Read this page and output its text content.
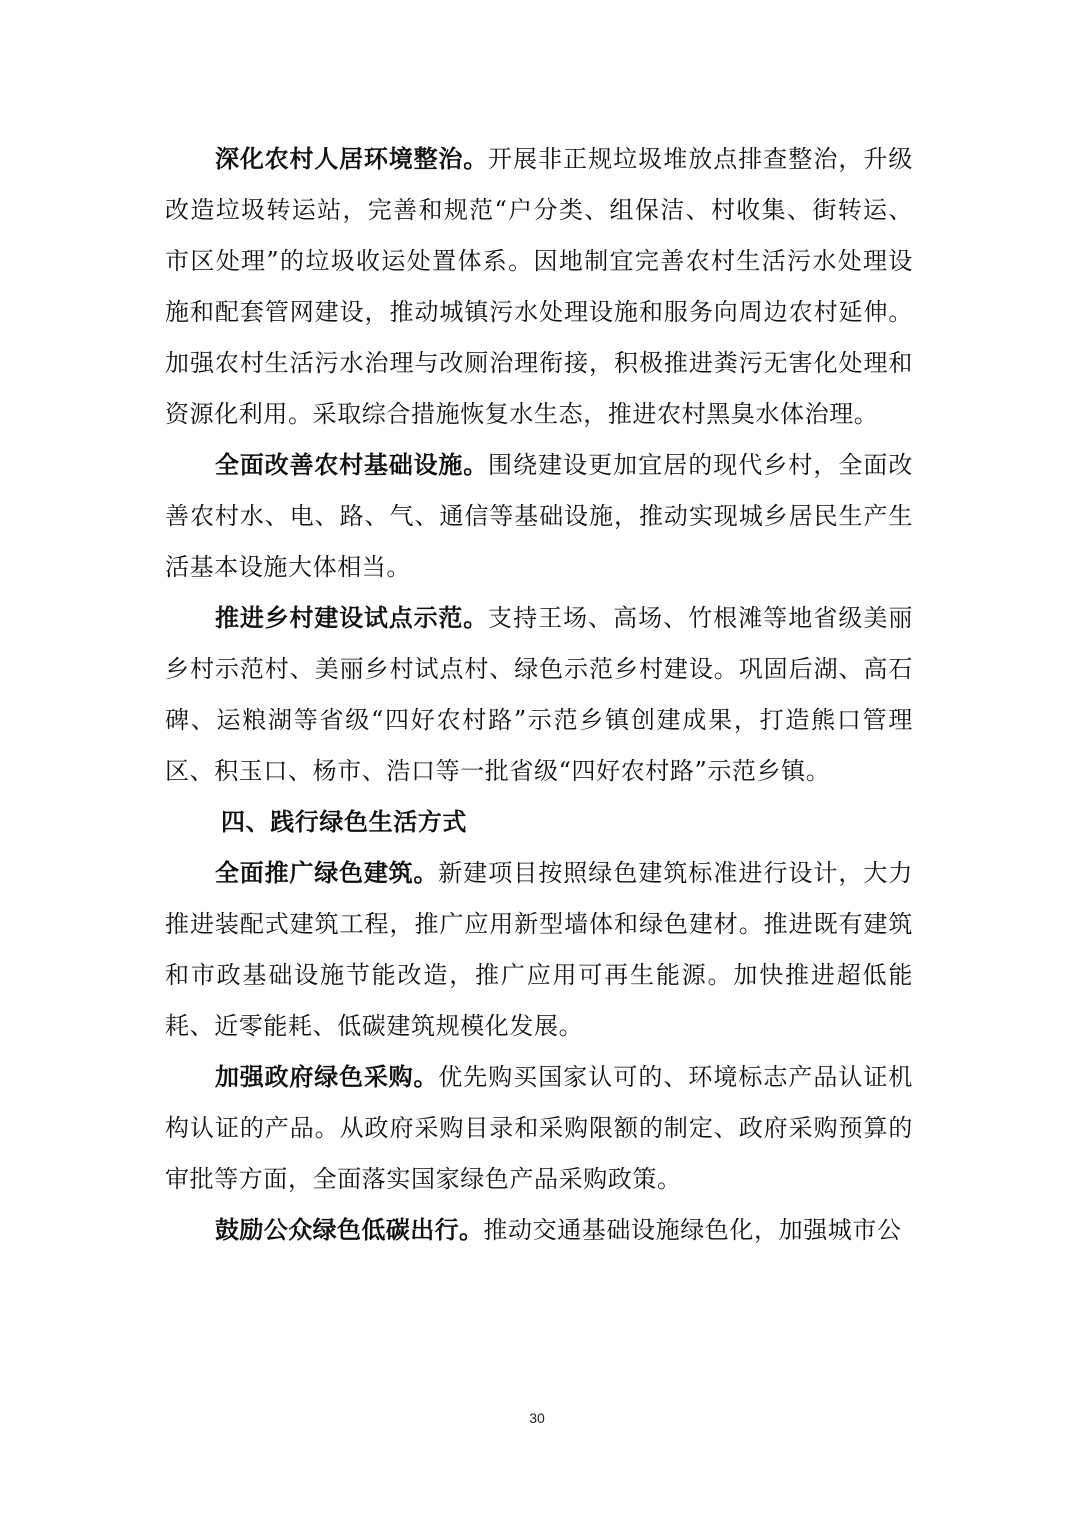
深化农村人居环境整治。开展非正规垃圾堆放点排查整治，升级改造垃圾转运站，完善和规范“户分类、组保洁、村收集、街转运、市区处理”的垃圾收运处置体系。因地制宜完善农村生活污水处理设施和配套管网建设，推动城镇污水处理设施和服务向周边农村延伸。加强农村生活污水治理与改厕治理衔接，积极推进粪污无害化处理和资源化利用。采取综合措施恢复水生态，推进农村黑臭水体治理。

全面改善农村基础设施。围绕建设更加宜居的现代乡村，全面改善农村水、电、路、气、通信等基础设施，推动实现城乡居民生产生活基本设施大体相当。

推进乡村建设试点示范。支持王场、高场、竹根滩等地省级美丽乡村示范村、美丽乡村试点村、绿色示范乡村建设。巩固后湖、高石碑、运粮湖等省级“四好农村路”示范乡镇创建成果，打造熊口管理区、积玉口、杨市、浩口等一批省级“四好农村路”示范乡镇。

四、践行绿色生活方式

全面推广绿色建筑。新建项目按照绿色建筑标准进行设计，大力推进装配式建筑工程，推广应用新型墙体和绿色建材。推进既有建筑和市政基础设施节能改造，推广应用可再生能源。加快推进超低能耗、近零能耗、低碳建筑规模化发展。

加强政府绿色采购。优先购买国家认可的、环境标志产品认证机构认证的产品。从政府采购目录和采购限额的制定、政府采购预算的审批等方面，全面落实国家绿色产品采购政策。

鼓励公众绿色低碳出行。推动交通基础设施绿色化，加强城市公

30
